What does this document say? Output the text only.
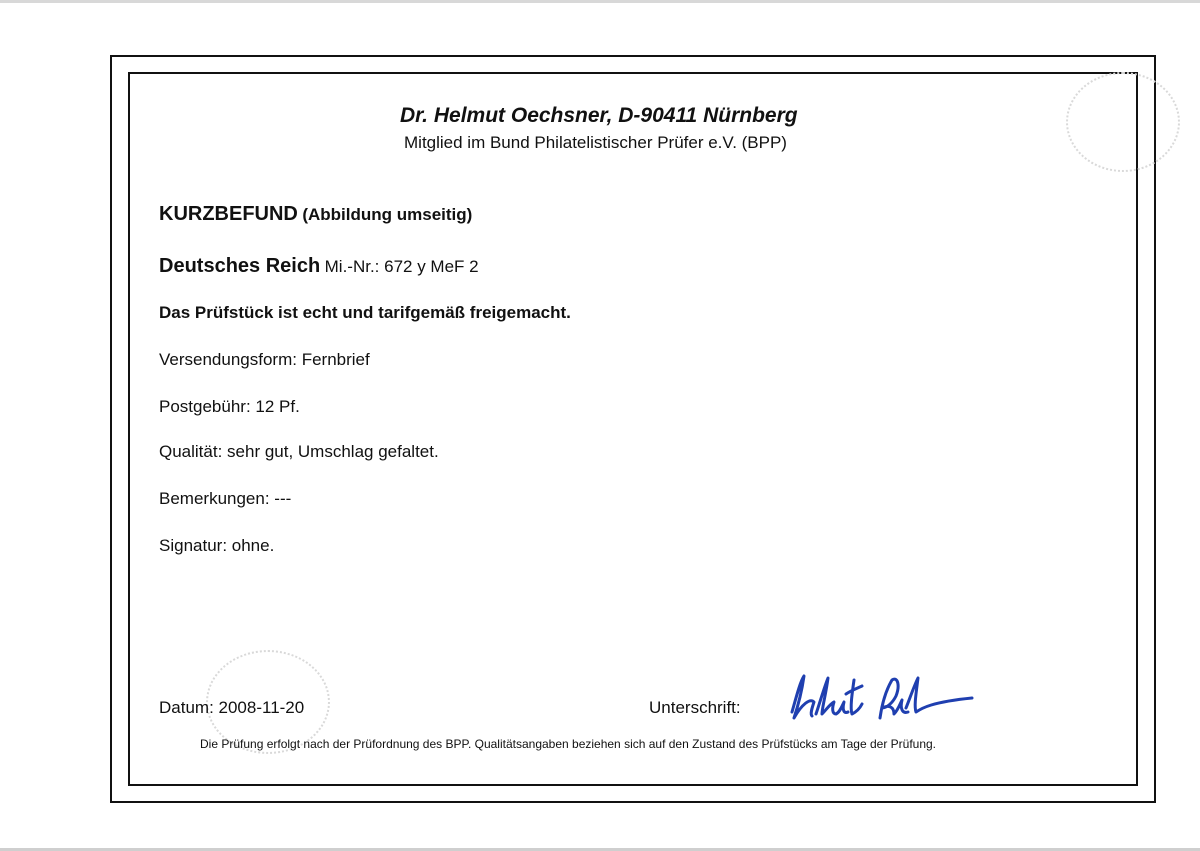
Dr. Helmut Oechsner, D-90411 Nürnberg
Mitglied im Bund Philatelistischer Prüfer e.V. (BPP)
KURZBEFUND (Abbildung umseitig)
Deutsches Reich Mi.-Nr.: 672 y MeF 2
Das Prüfstück ist echt und tarifgemäß freigemacht.
Versendungsform: Fernbrief
Postgebühr: 12 Pf.
Qualität: sehr gut, Umschlag gefaltet.
Bemerkungen: ---
Signatur: ohne.
Datum: 2008-11-20	Unterschrift:
Die Prüfung erfolgt nach der Prüfordnung des BPP. Qualitätsangaben beziehen sich auf den Zustand des Prüfstücks am Tage der Prüfung.
